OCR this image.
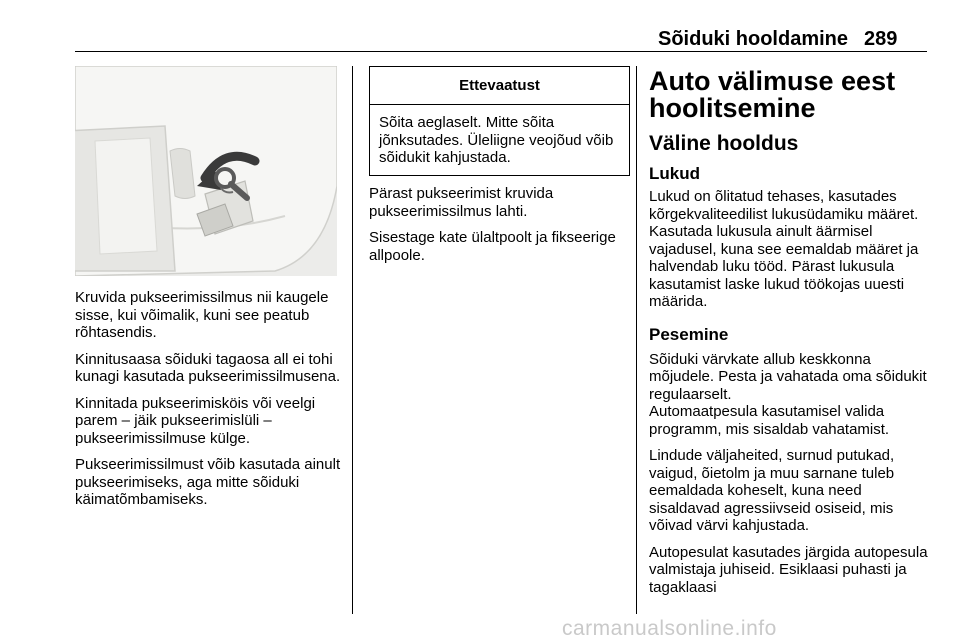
Sõiduki hooldamine 289

Kruvida pukseerimissilmus nii kaugele sisse, kui võimalik, kuni see peatub rõhtasendis.

Kinnitusaasa sõiduki tagaosa all ei tohi kunagi kasutada pukseerimissilmusena.

Kinnitada pukseerimisköis või veelgi parem – jäik pukseerimislüli – pukseerimissilmuse külge.

Pukseerimissilmust võib kasutada ainult pukseerimiseks, aga mitte sõiduki käimatõmbamiseks.

Ettevaatust
Sõita aeglaselt. Mitte sõita jõnksutades. Üleliigne veojõud võib sõidukit kahjustada.

Pärast pukseerimist kruvida pukseerimissilmus lahti.

Sisestage kate ülaltpoolt ja fikseerige allpoole.

Auto välimuse eest hoolitsemine
Väline hooldus
Lukud

Lukud on õlitatud tehases, kasutades kõrgekvaliteedilist lukusüdamiku määret. Kasutada lukusula ainult äärmisel vajadusel, kuna see eemaldab määret ja halvendab luku tööd. Pärast lukusula kasutamist laske lukud töökojas uuesti määrida.

Pesemine

Sõiduki värvkate allub keskkonna mõjudele. Pesta ja vahatada oma sõidukit regulaarselt.

Automaatpesula kasutamisel valida programm, mis sisaldab vahatamist.

Lindude väljaheited, surnud putukad, vaigud, õietolm ja muu sarnane tuleb eemaldada koheselt, kuna need sisaldavad agressiivseid osiseid, mis võivad värvi kahjustada.

Autopesulat kasutades järgida autopesula valmistaja juhiseid. Esiklaasi puhasti ja tagaklaasi

carmanualsonline.info
